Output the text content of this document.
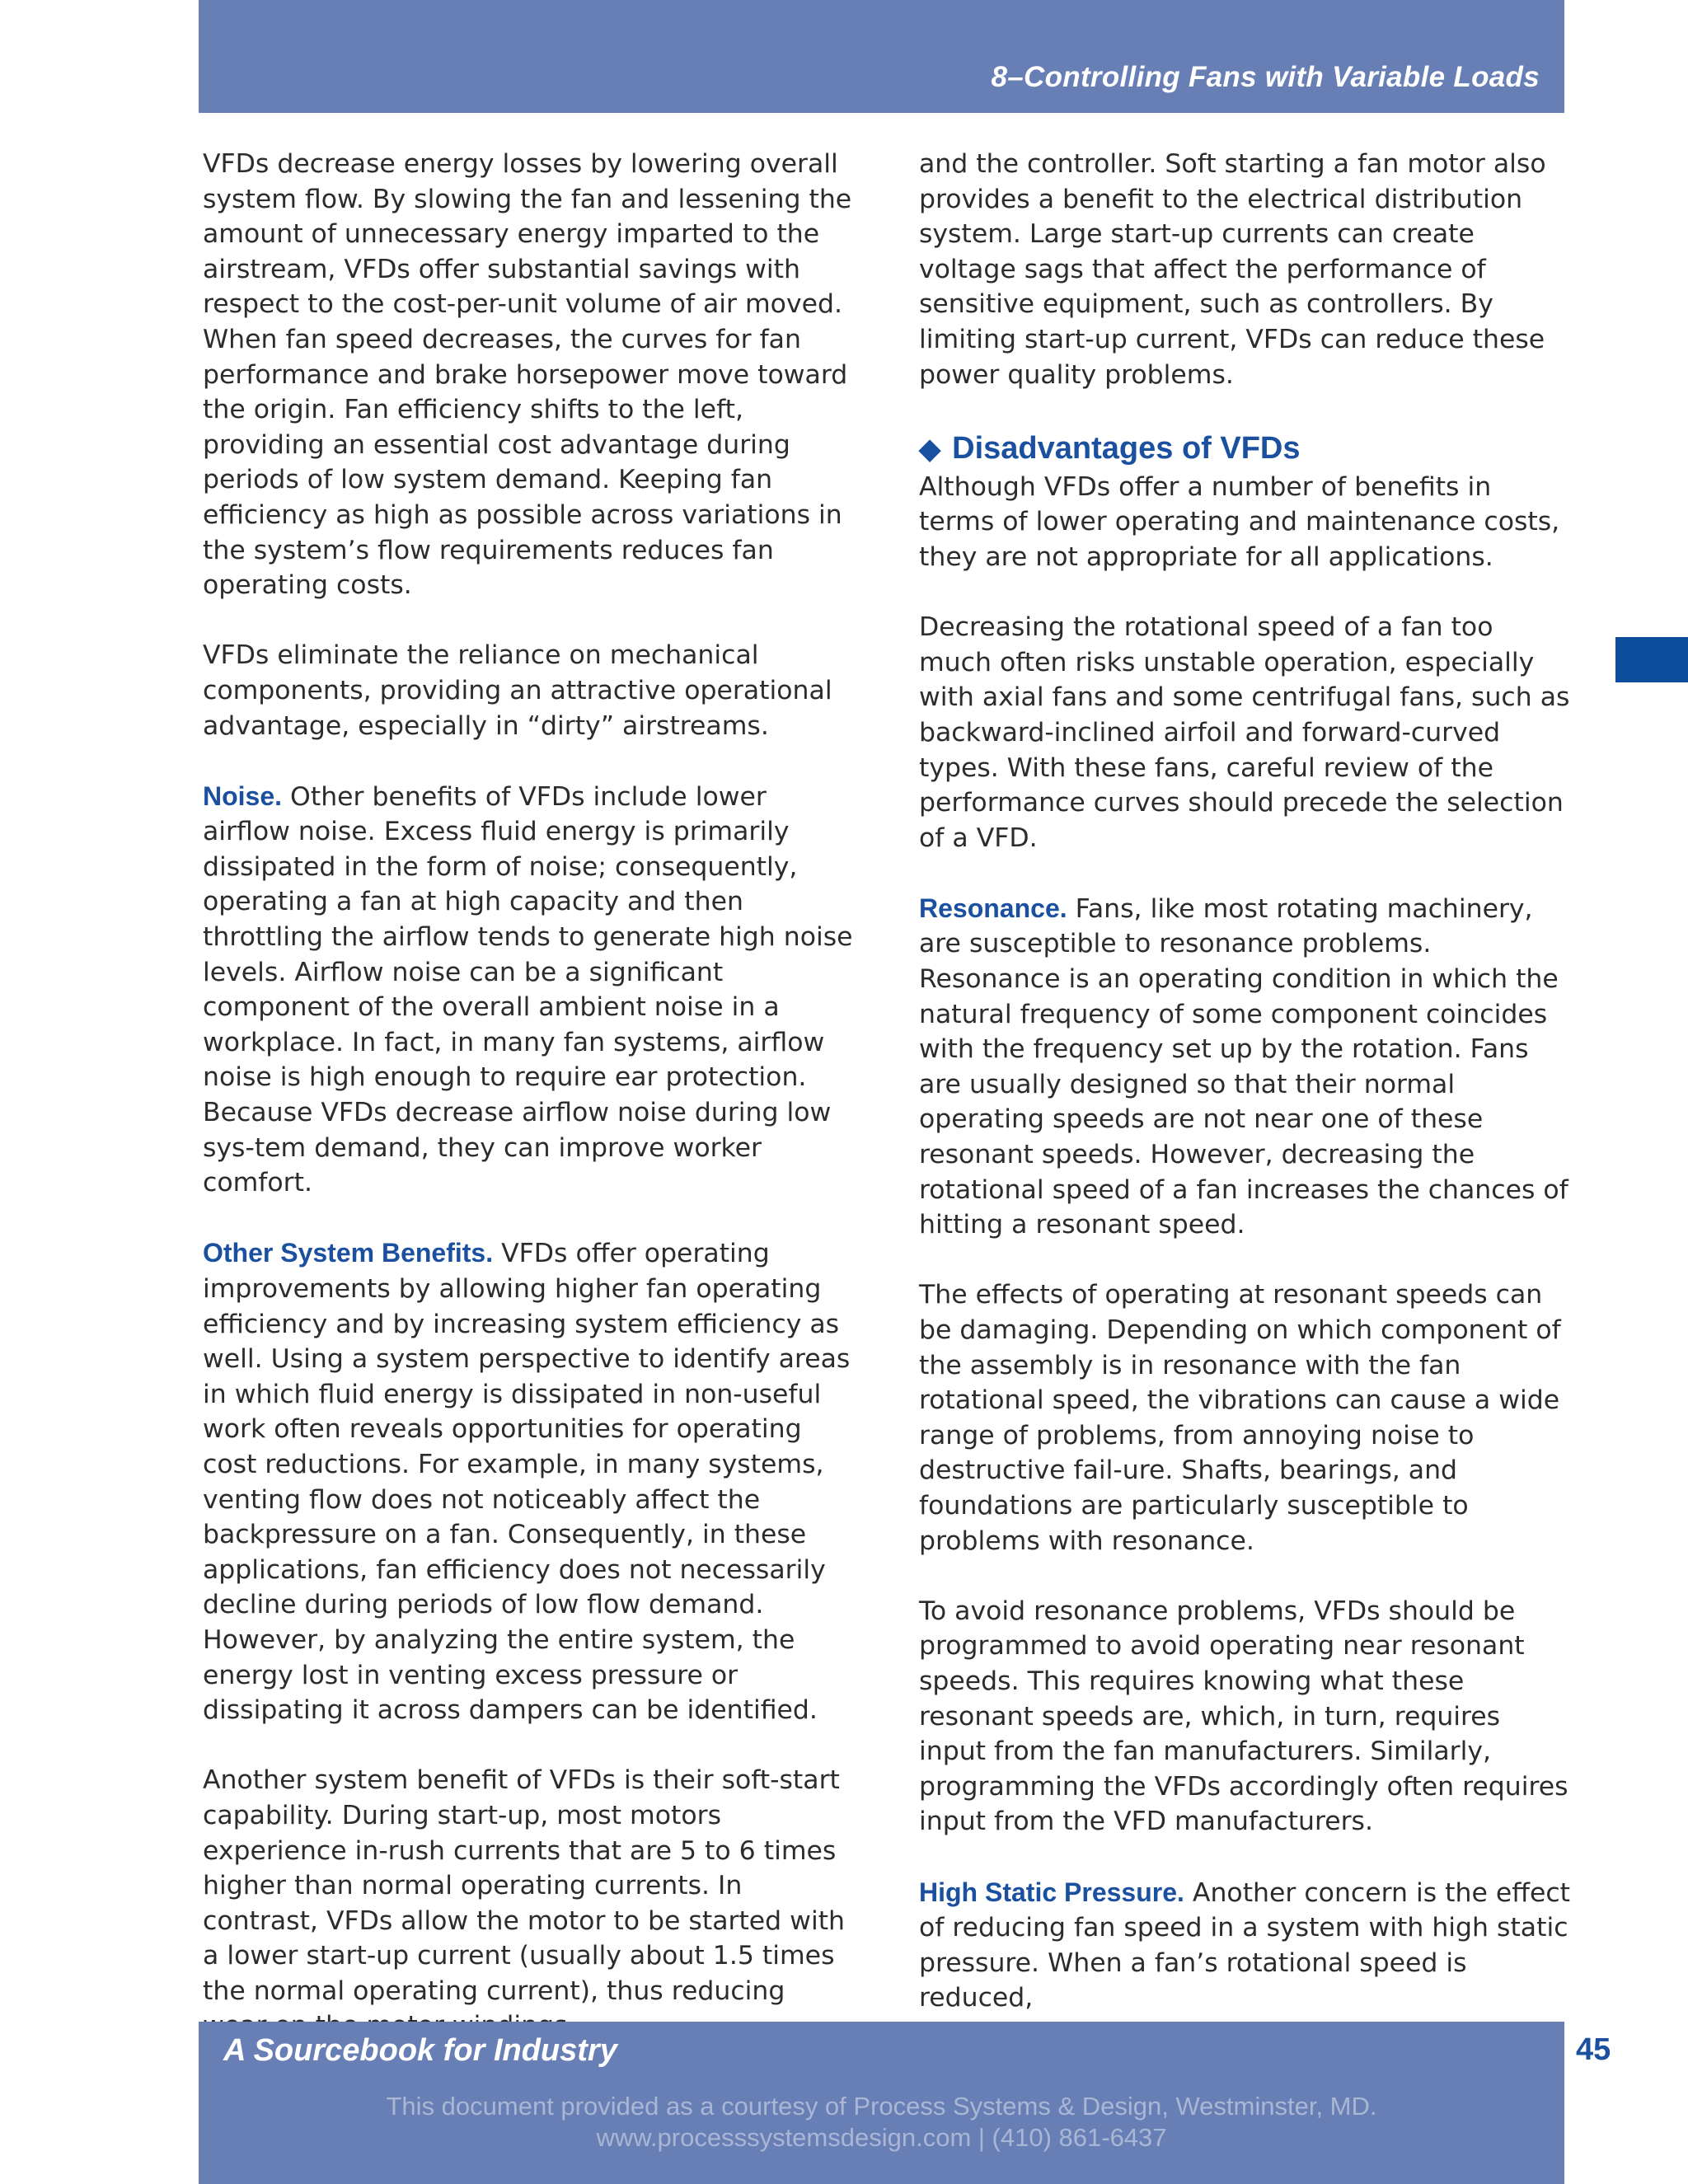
8–Controlling Fans with Variable Loads

VFDs decrease energy losses by lowering overall system flow. By slowing the fan and lessening the amount of unnecessary energy imparted to the airstream, VFDs offer substantial savings with respect to the cost-per-unit volume of air moved. When fan speed decreases, the curves for fan performance and brake horsepower move toward the origin. Fan efficiency shifts to the left, providing an essential cost advantage during periods of low system demand. Keeping fan efficiency as high as possible across variations in the system’s flow requirements reduces fan operating costs.

VFDs eliminate the reliance on mechanical components, providing an attractive operational advantage, especially in “dirty” airstreams.

Noise. Other benefits of VFDs include lower airflow noise. Excess fluid energy is primarily dissipated in the form of noise; consequently, operating a fan at high capacity and then throttling the airflow tends to generate high noise levels. Airflow noise can be a significant component of the overall ambient noise in a workplace. In fact, in many fan systems, airflow noise is high enough to require ear protection. Because VFDs decrease airflow noise during low sys-tem demand, they can improve worker comfort.

Other System Benefits. VFDs offer operating improvements by allowing higher fan operating efficiency and by increasing system efficiency as well. Using a system perspective to identify areas in which fluid energy is dissipated in non-useful work often reveals opportunities for operating cost reductions. For example, in many systems, venting flow does not noticeably affect the backpressure on a fan. Consequently, in these applications, fan efficiency does not necessarily decline during periods of low flow demand. However, by analyzing the entire system, the energy lost in venting excess pressure or dissipating it across dampers can be identified.

Another system benefit of VFDs is their soft-start capability. During start-up, most motors experience in-rush currents that are 5 to 6 times higher than normal operating currents. In contrast, VFDs allow the motor to be started with a lower start-up current (usually about 1.5 times the normal operating current), thus reducing

and the controller. Soft starting a fan motor also provides a benefit to the electrical distribution system. Large start-up currents can create voltage sags that affect the performance of sensitive equipment, such as controllers. By limiting start-up current, VFDs can reduce these power quality problems.

◆ Disadvantages of VFDs

Although VFDs offer a number of benefits in terms of lower operating and maintenance costs, they are not appropriate for all applications.

Decreasing the rotational speed of a fan too much often risks unstable operation, especially with axial fans and some centrifugal fans, such as backward-inclined airfoil and forward-curved types. With these fans, careful review of the performance curves should precede the selection of a VFD.

Resonance. Fans, like most rotating machinery, are susceptible to resonance problems. Resonance is an operating condition in which the natural frequency of some component coincides with the frequency set up by the rotation. Fans are usually designed so that their normal operating speeds are not near one of these resonant speeds. However, decreasing the rotational speed of a fan increases the chances of hitting a resonant speed.

The effects of operating at resonant speeds can be damaging. Depending on which component of the assembly is in resonance with the fan rotational speed, the vibrations can cause a wide range of problems, from annoying noise to destructive fail-ure. Shafts, bearings, and foundations are particularly susceptible to problems with resonance.

To avoid resonance problems, VFDs should be programmed to avoid operating near resonant speeds. This requires knowing what these resonant speeds are, which, in turn, requires input from the fan manufacturers. Similarly, programming the VFDs accordingly often requires input from the VFD manufacturers.

High Static Pressure. Another concern is the effect of reducing fan speed in a system with high static pressure. When a fan’s rotational speed is reduced,

A Sourcebook for Industry
This document provided as a courtesy of Process Systems & Design, Westminster, MD.
www.processsystemsdesign.com | (410) 861-6437
45
